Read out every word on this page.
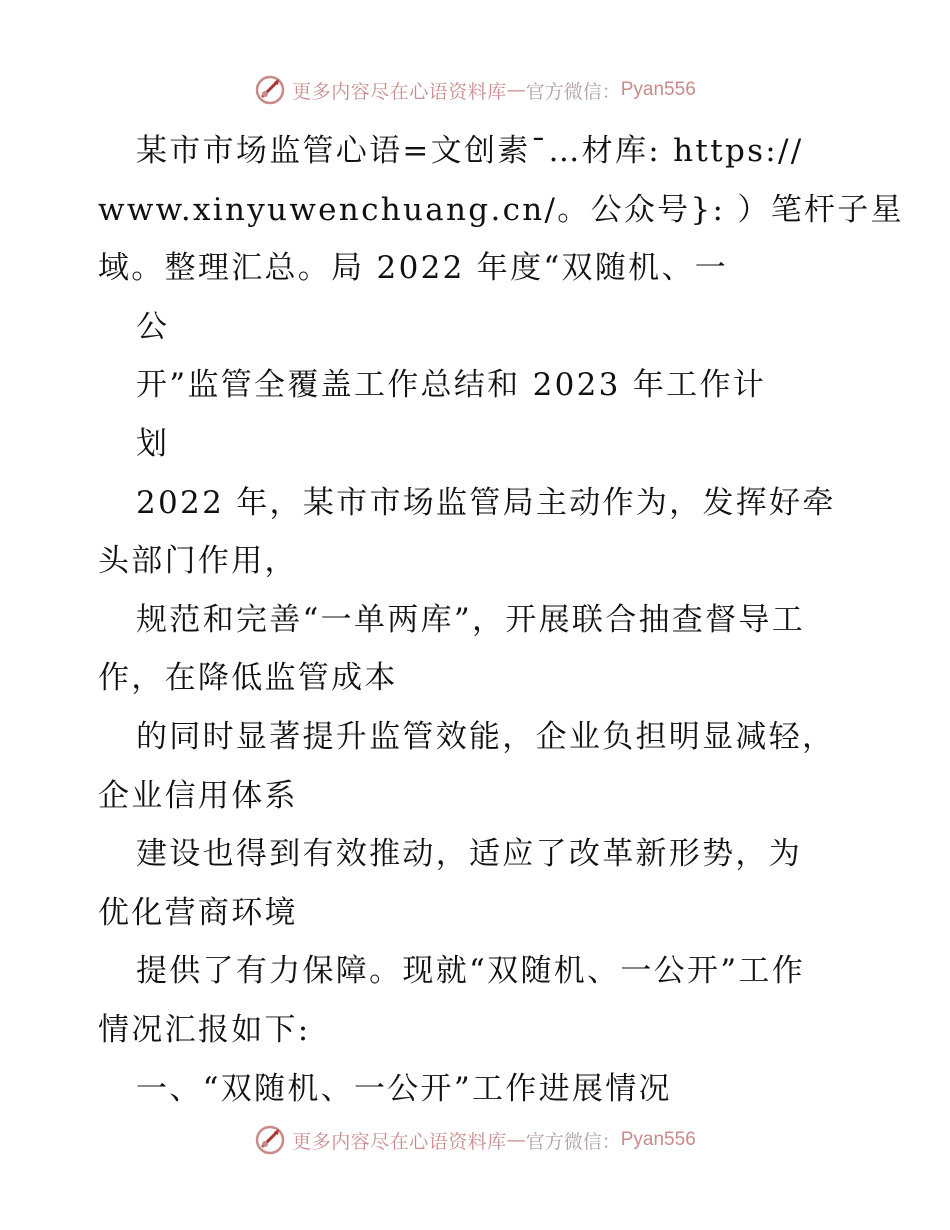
更多内容尽在心语资料库 — 官方微信： Pyan556
某市市场监管心语=文创素¯…材库: https://
www.xinyuwenchuang.cn/。公众号}: ）笔杆子星
域。整理汇总。局 2022 年度“双随机、一
公
开”监管全覆盖工作总结和 2023 年工作计
划
2022 年，某市市场监管局主动作为，发挥好牵
头部门作用，
规范和完善“一单两库”，开展联合抽查督导工
作，在降低监管成本
的同时显著提升监管效能，企业负担明显减轻，
企业信用体系
建设也得到有效推动，适应了改革新形势，为
优化营商环境
提供了有力保障。现就“双随机、一公开”工作
情况汇报如下:
一、“双随机、一公开”工作进展情况
更多内容尽在心语资料库 — 官方微信： Pyan556
